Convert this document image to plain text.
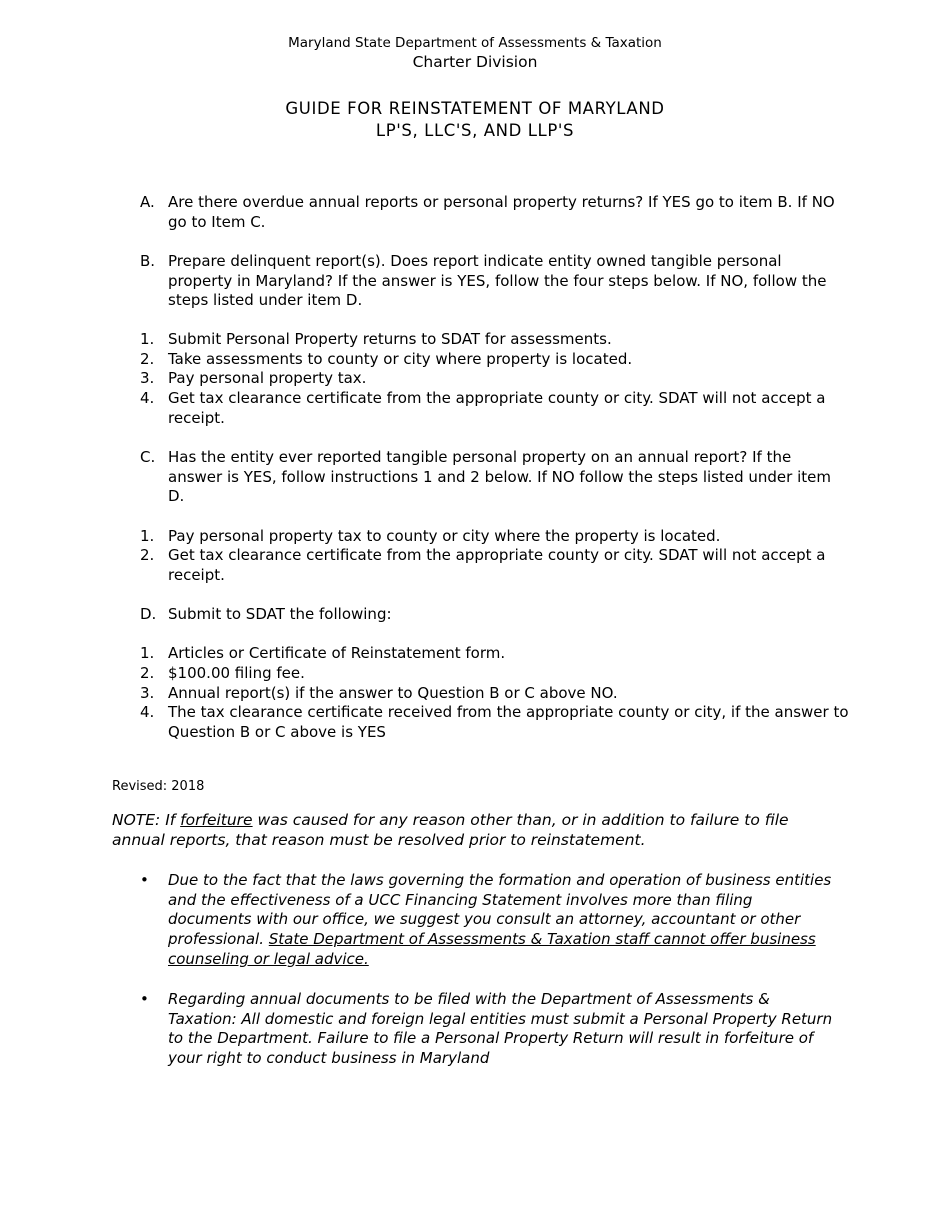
Maryland State Department of Assessments & Taxation
Charter Division
GUIDE FOR REINSTATEMENT OF MARYLAND
LP'S, LLC'S, AND LLP'S
A. Are there overdue annual reports or personal property returns? If YES go to item B. If NO go to Item C.
B. Prepare delinquent report(s). Does report indicate entity owned tangible personal property in Maryland? If the answer is YES, follow the four steps below. If NO, follow the steps listed under item D.
1. Submit Personal Property returns to SDAT for assessments.
2. Take assessments to county or city where property is located.
3. Pay personal property tax.
4. Get tax clearance certificate from the appropriate county or city. SDAT will not accept a receipt.
C. Has the entity ever reported tangible personal property on an annual report? If the answer is YES, follow instructions 1 and 2 below. If NO follow the steps listed under item D.
1. Pay personal property tax to county or city where the property is located.
2. Get tax clearance certificate from the appropriate county or city. SDAT will not accept a receipt.
D. Submit to SDAT the following:
1. Articles or Certificate of Reinstatement form.
2. $100.00 filing fee.
3. Annual report(s) if the answer to Question B or C above NO.
4. The tax clearance certificate received from the appropriate county or city, if the answer to Question B or C above is YES
Revised: 2018
NOTE: If forfeiture was caused for any reason other than, or in addition to failure to file annual reports, that reason must be resolved prior to reinstatement.
• Due to the fact that the laws governing the formation and operation of business entities and the effectiveness of a UCC Financing Statement involves more than filing documents with our office, we suggest you consult an attorney, accountant or other professional. State Department of Assessments & Taxation staff cannot offer business counseling or legal advice.
• Regarding annual documents to be filed with the Department of Assessments & Taxation: All domestic and foreign legal entities must submit a Personal Property Return to the Department. Failure to file a Personal Property Return will result in forfeiture of your right to conduct business in Maryland
